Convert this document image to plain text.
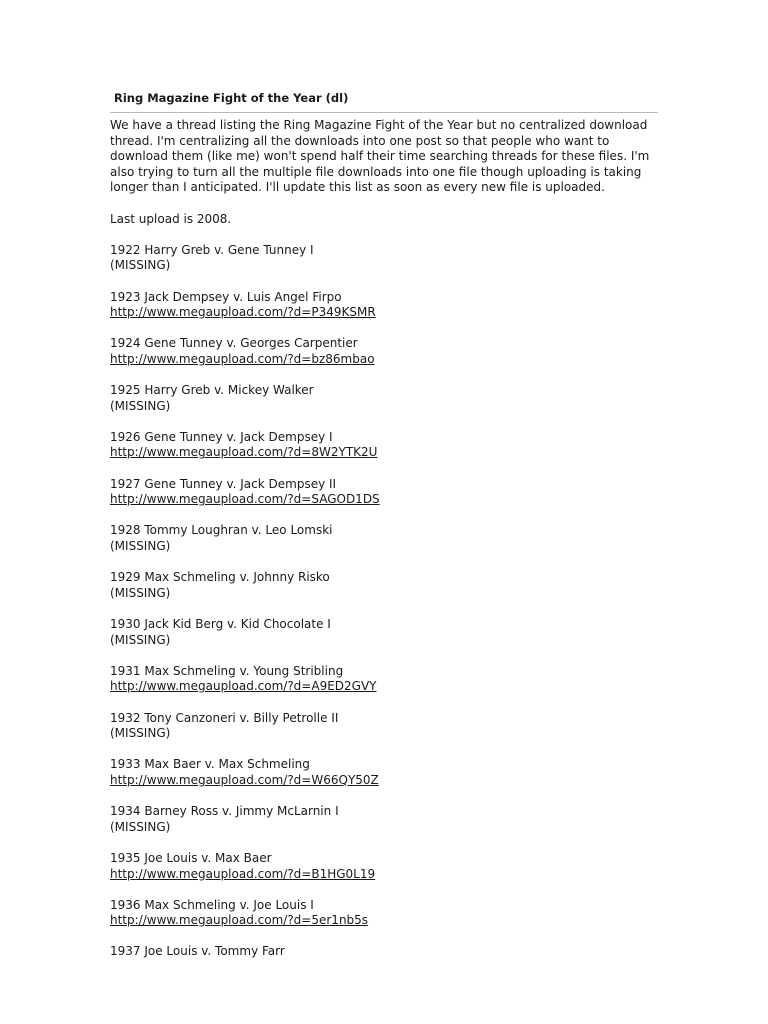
Ring Magazine Fight of the Year (dl)
We have a thread listing the Ring Magazine Fight of the Year but no centralized download thread. I'm centralizing all the downloads into one post so that people who want to download them (like me) won't spend half their time searching threads for these files. I'm also trying to turn all the multiple file downloads into one file though uploading is taking longer than I anticipated. I'll update this list as soon as every new file is uploaded.
Last upload is 2008.
1922 Harry Greb v. Gene Tunney I
(MISSING)
1923 Jack Dempsey v. Luis Angel Firpo
http://www.megaupload.com/?d=P349KSMR
1924 Gene Tunney v. Georges Carpentier
http://www.megaupload.com/?d=bz86mbao
1925 Harry Greb v. Mickey Walker
(MISSING)
1926 Gene Tunney v. Jack Dempsey I
http://www.megaupload.com/?d=8W2YTK2U
1927 Gene Tunney v. Jack Dempsey II
http://www.megaupload.com/?d=SAGOD1DS
1928 Tommy Loughran v. Leo Lomski
(MISSING)
1929 Max Schmeling v. Johnny Risko
(MISSING)
1930 Jack Kid Berg v. Kid Chocolate I
(MISSING)
1931 Max Schmeling v. Young Stribling
http://www.megaupload.com/?d=A9ED2GVY
1932 Tony Canzoneri v. Billy Petrolle II
(MISSING)
1933 Max Baer v. Max Schmeling
http://www.megaupload.com/?d=W66QY50Z
1934 Barney Ross v. Jimmy McLarnin I
(MISSING)
1935 Joe Louis v. Max Baer
http://www.megaupload.com/?d=B1HG0L19
1936 Max Schmeling v. Joe Louis I
http://www.megaupload.com/?d=5er1nb5s
1937 Joe Louis v. Tommy Farr
